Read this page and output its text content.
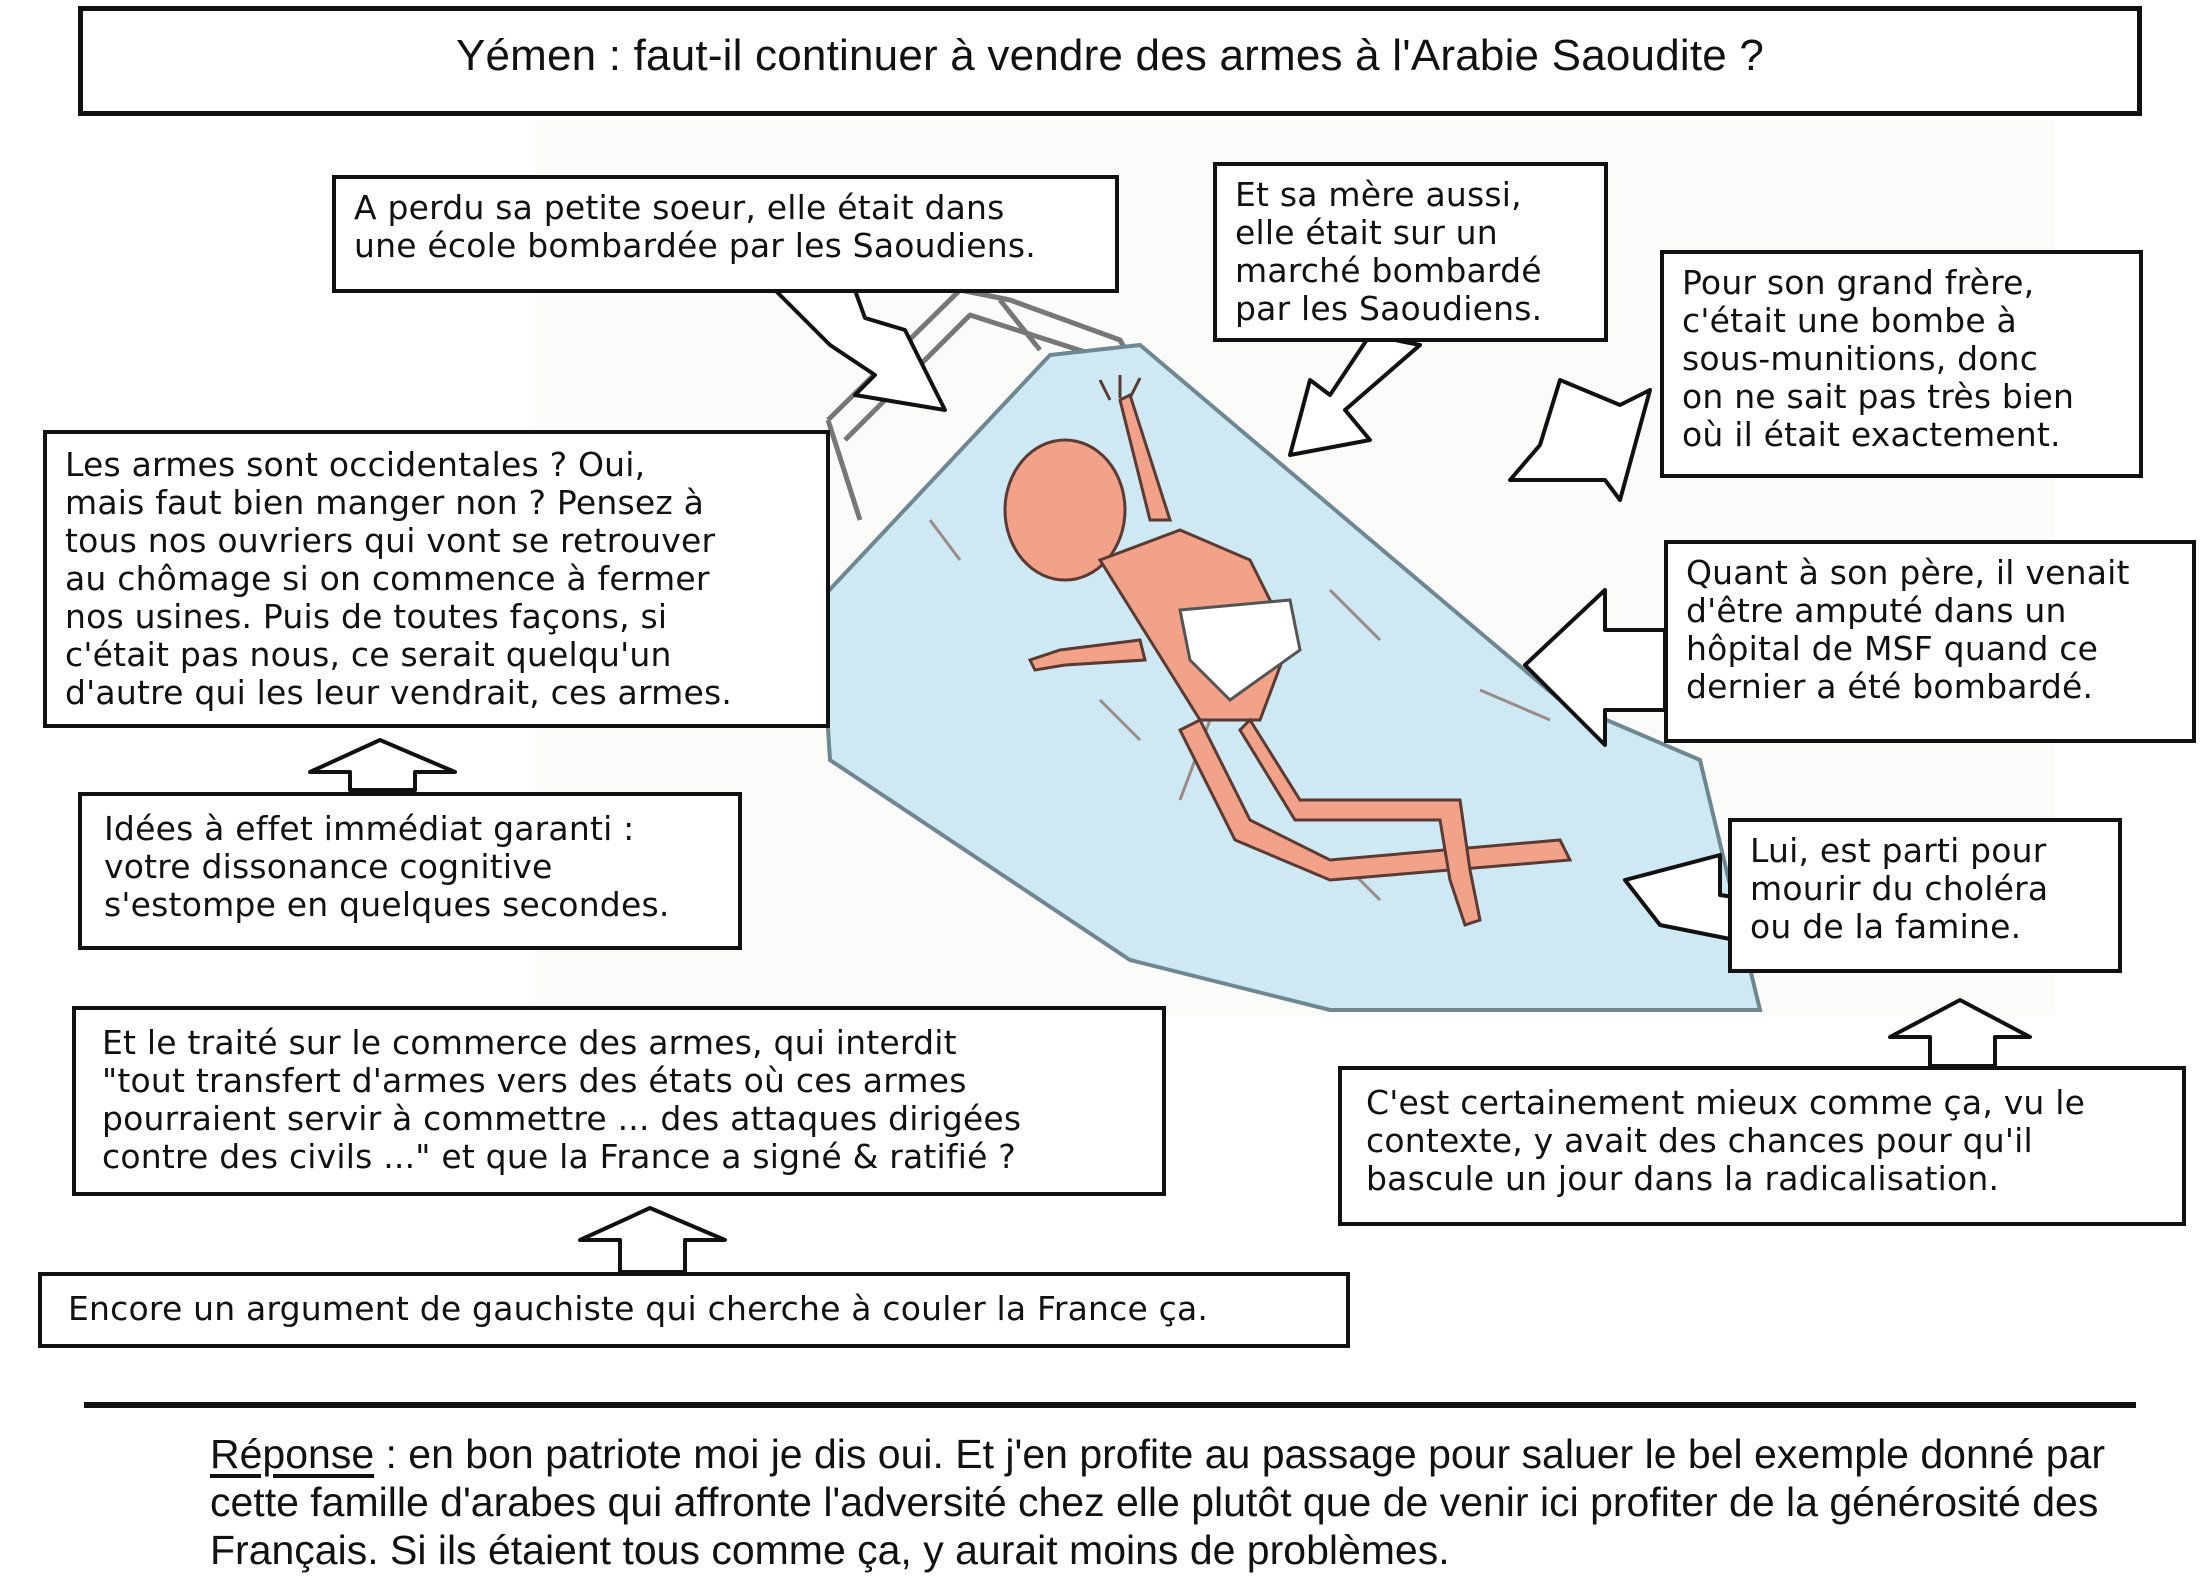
Yémen : faut-il continuer à vendre des armes à l'Arabie Saoudite ?
A perdu sa petite soeur, elle était dans
une école bombardée par les Saoudiens.
Et sa mère aussi,
elle était sur un
marché bombardé
par les Saoudiens.
Pour son grand frère,
c'était une bombe à
sous-munitions, donc
on ne sait pas très bien
où il était exactement.
Quant à son père, il venait
d'être amputé dans un
hôpital de MSF quand ce
dernier a été bombardé.
Lui, est parti pour
mourir du choléra
ou de la famine.
Les armes sont occidentales ? Oui,
mais faut bien manger non ? Pensez à
tous nos ouvriers qui vont se retrouver
au chômage si on commence à fermer
nos usines. Puis de toutes façons, si
c'était pas nous, ce serait quelqu'un
d'autre qui les leur vendrait, ces armes.
Idées à effet immédiat garanti :
votre dissonance cognitive
s'estompe en quelques secondes.
Et le traité sur le commerce des armes, qui interdit
"tout transfert d'armes vers des états où ces armes
pourraient servir à commettre ... des attaques dirigées
contre des civils ..." et que la France a signé & ratifié ?
Encore un argument de gauchiste qui cherche à couler la France ça.
C'est certainement mieux comme ça, vu le
contexte, y avait des chances pour qu'il
bascule un jour dans la radicalisation.
Réponse : en bon patriote moi je dis oui. Et j'en profite au passage pour saluer le bel exemple donné par cette famille d'arabes qui affronte l'adversité chez elle plutôt que de venir ici profiter de la générosité des Français. Si ils étaient tous comme ça, y aurait moins de problèmes.
